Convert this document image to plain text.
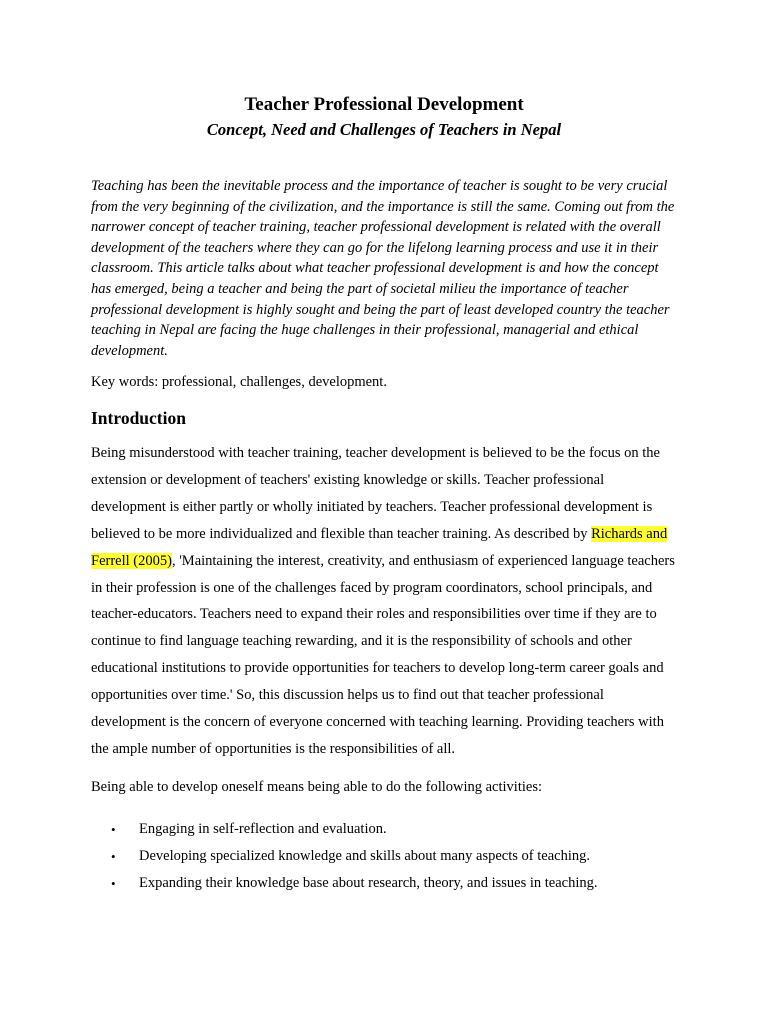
Teacher Professional Development
Concept, Need and Challenges of Teachers in Nepal

Teaching has been the inevitable process and the importance of teacher is sought to be very crucial from the very beginning of the civilization, and the importance is still the same. Coming out from the narrower concept of teacher training, teacher professional development is related with the overall development of the teachers where they can go for the lifelong learning process and use it in their classroom. This article talks about what teacher professional development is and how the concept has emerged, being a teacher and being the part of societal milieu the importance of teacher professional development is highly sought and being the part of least developed country the teacher teaching in Nepal are facing the huge challenges in their professional, managerial and ethical development.

Key words: professional, challenges, development.

Introduction

Being misunderstood with teacher training, teacher development is believed to be the focus on the extension or development of teachers' existing knowledge or skills. Teacher professional development is either partly or wholly initiated by teachers. Teacher professional development is believed to be more individualized and flexible than teacher training. As described by Richards and Ferrell (2005), 'Maintaining the interest, creativity, and enthusiasm of experienced language teachers in their profession is one of the challenges faced by program coordinators, school principals, and teacher-educators. Teachers need to expand their roles and responsibilities over time if they are to continue to find language teaching rewarding, and it is the responsibility of schools and other educational institutions to provide opportunities for teachers to develop long-term career goals and opportunities over time.' So, this discussion helps us to find out that teacher professional development is the concern of everyone concerned with teaching learning. Providing teachers with the ample number of opportunities is the responsibilities of all.

Being able to develop oneself means being able to do the following activities:

• Engaging in self-reflection and evaluation.
• Developing specialized knowledge and skills about many aspects of teaching.
• Expanding their knowledge base about research, theory, and issues in teaching.
